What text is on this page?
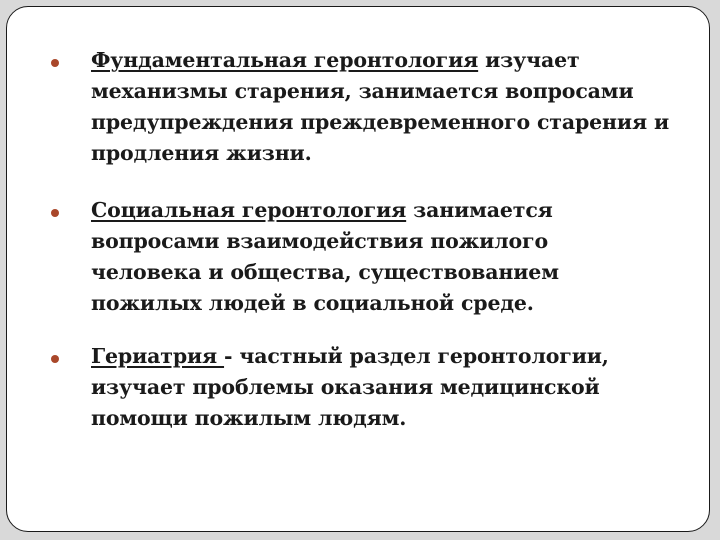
Фундаментальная геронтология изучает механизмы старения, занимается вопросами предупреждения преждевременного старения и продления жизни.
Социальная геронтология занимается вопросами взаимодействия пожилого человека и общества, существованием пожилых людей в социальной среде.
Гериатрия - частный раздел геронтологии, изучает проблемы оказания медицинской помощи пожилым людям.
